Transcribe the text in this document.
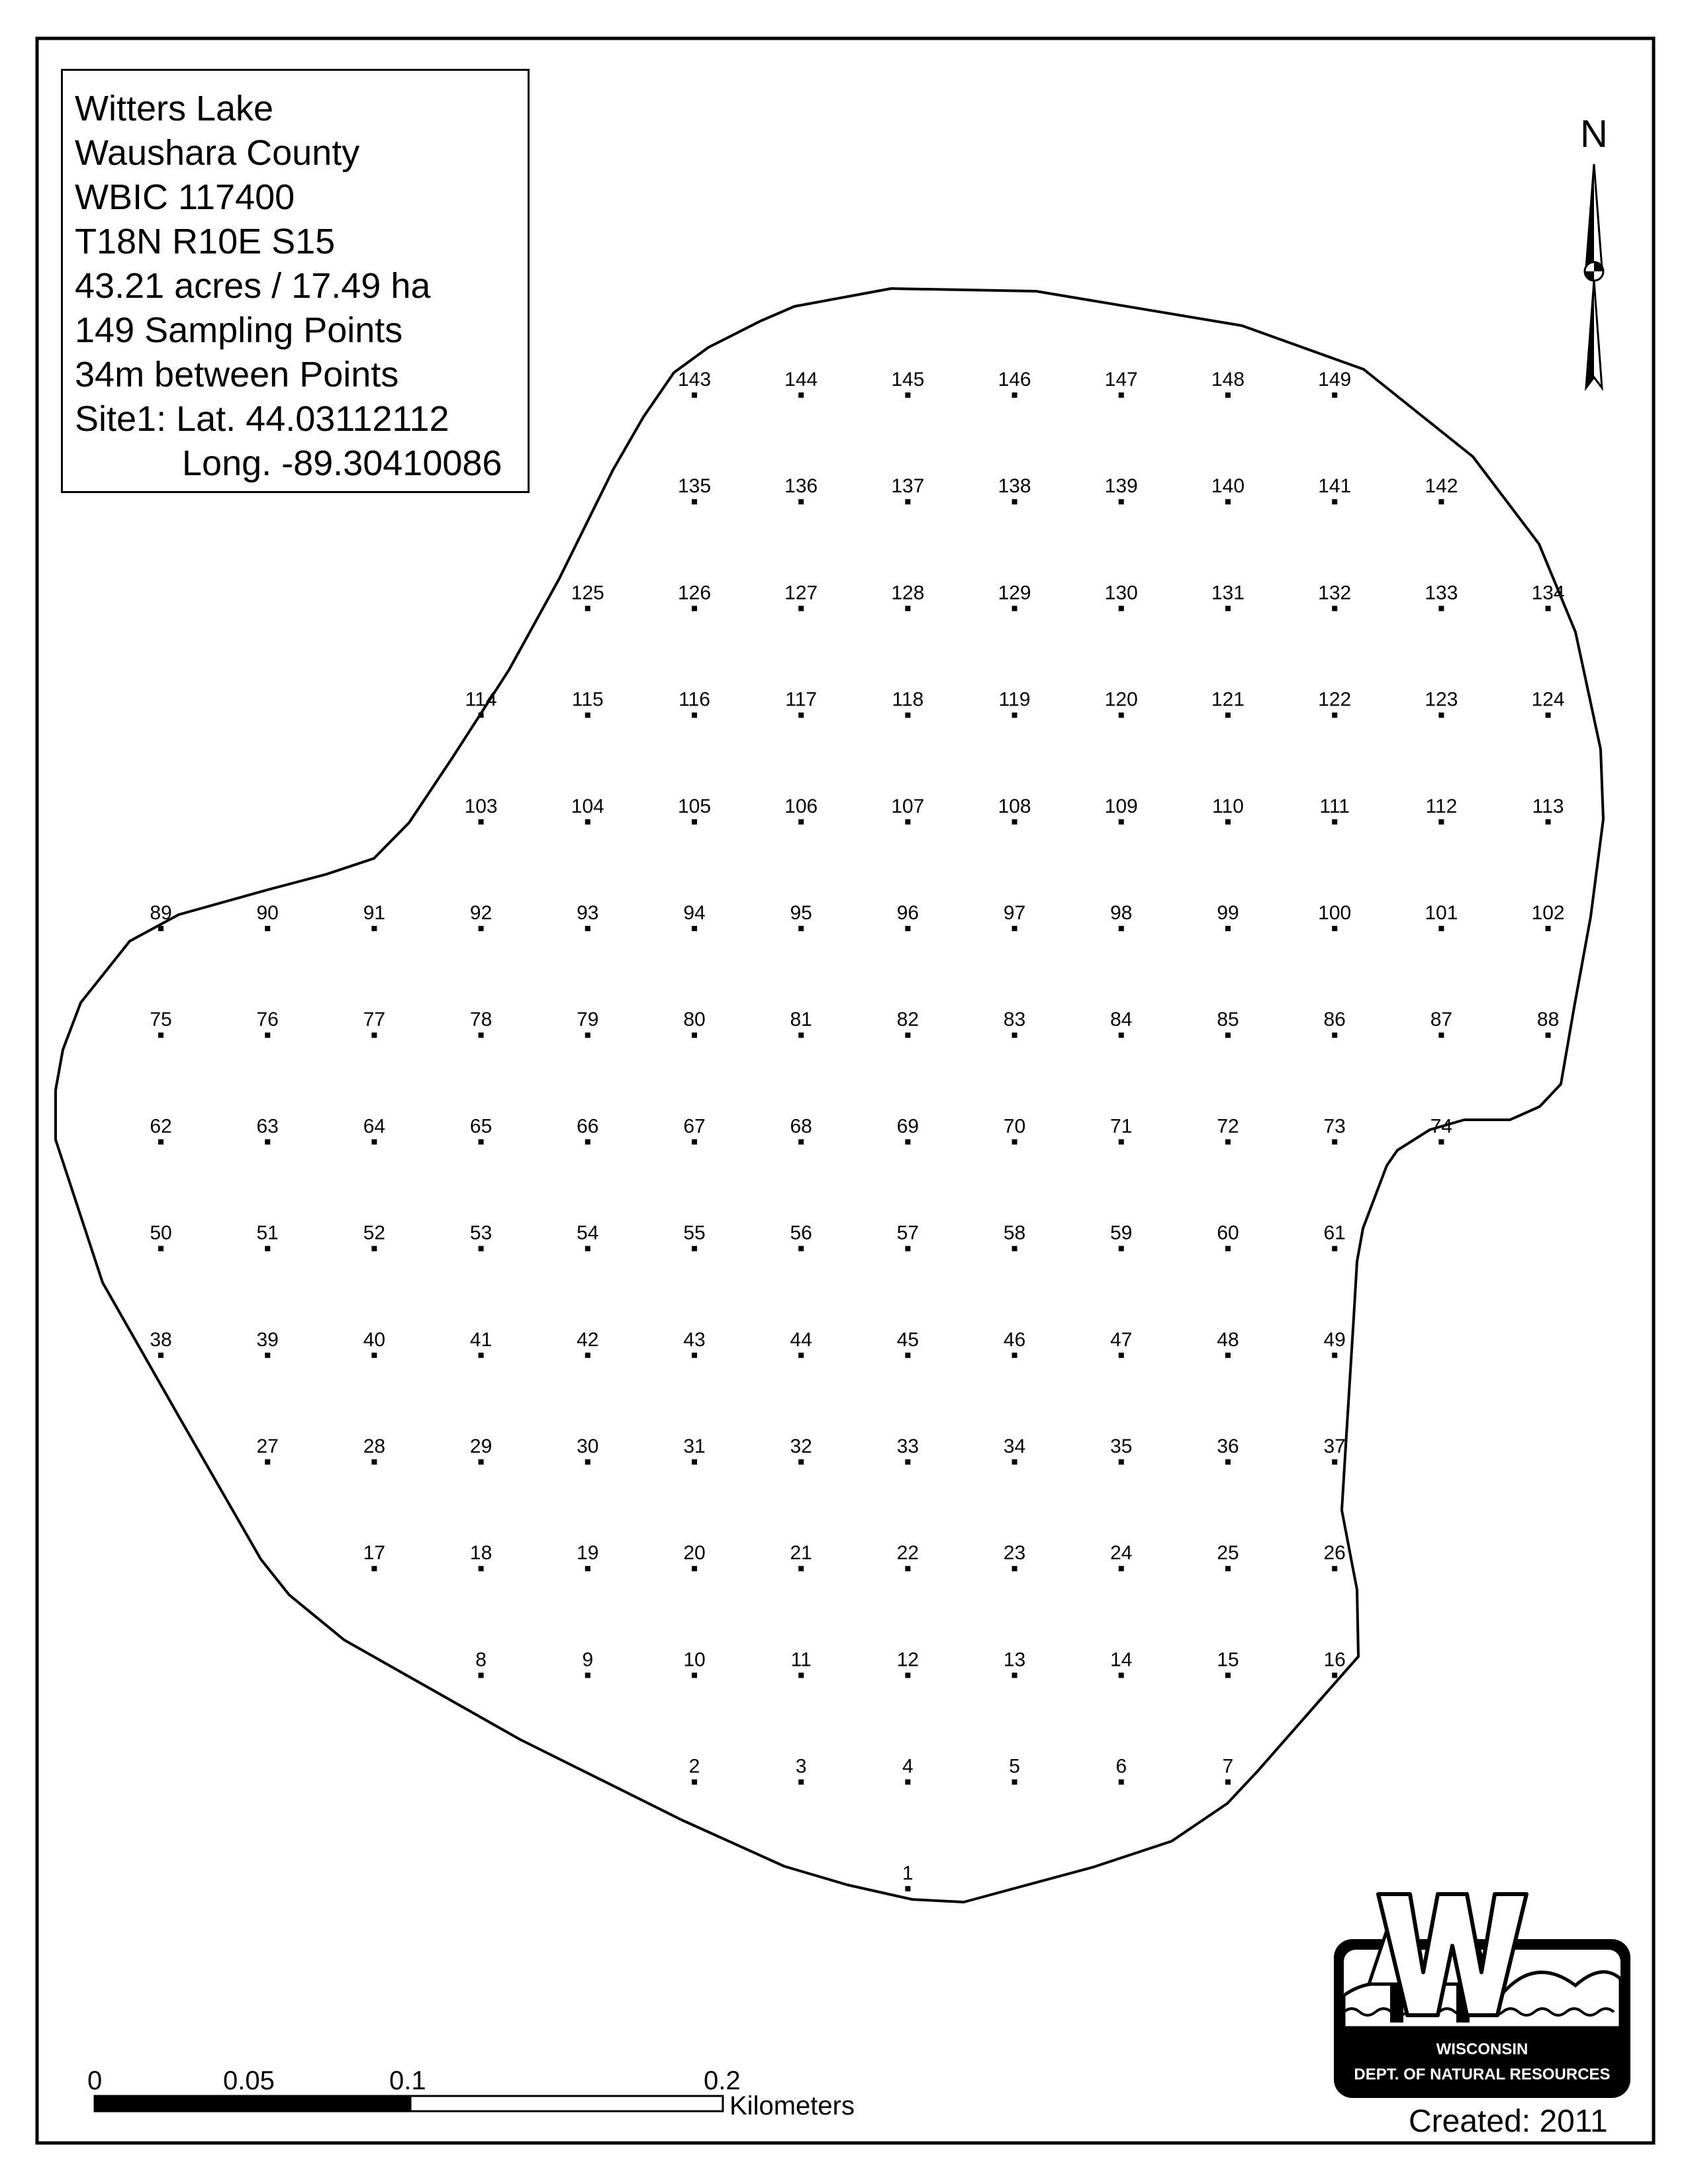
143	144	145	146	147	148	149
135	136	137	138	139	140	141	142
125	126	127	128	129	130	131	132	133	134
114	115	116	117	118	119	120	121	122	123	124
103	104	105	106	107	108	109	110	111	112	113
89	90	91	92	93	94	95	96	97	98	99	100	101	102
75	76	77	78	79	80	81	82	83	84	85	86	87	88
62	63	64	65	66	67	68	69	70	71	72	73	74
50	51	52	53	54	55	56	57	58	59	60	61
38	39	40	41	42	43	44	45	46	47	48	49
27	28	29	30	31	32	33	34	35	36	37
17	18	19	20	21	22	23	24	25	26
8	9	10	11	12	13	14	15	16
2	3	4	5	6	7
1
N
WISCONSIN
DEPT. OF NATURAL RESOURCES
Witters Lake
Waushara County
WBIC 117400
T18N R10E S15
43.21 acres / 17.49 ha
149 Sampling Points
34m between Points
Site1: Lat. 44.03112112
Long. -89.30410086
0	0.05	0.1	0.2
Kilometers	Created: 2011
